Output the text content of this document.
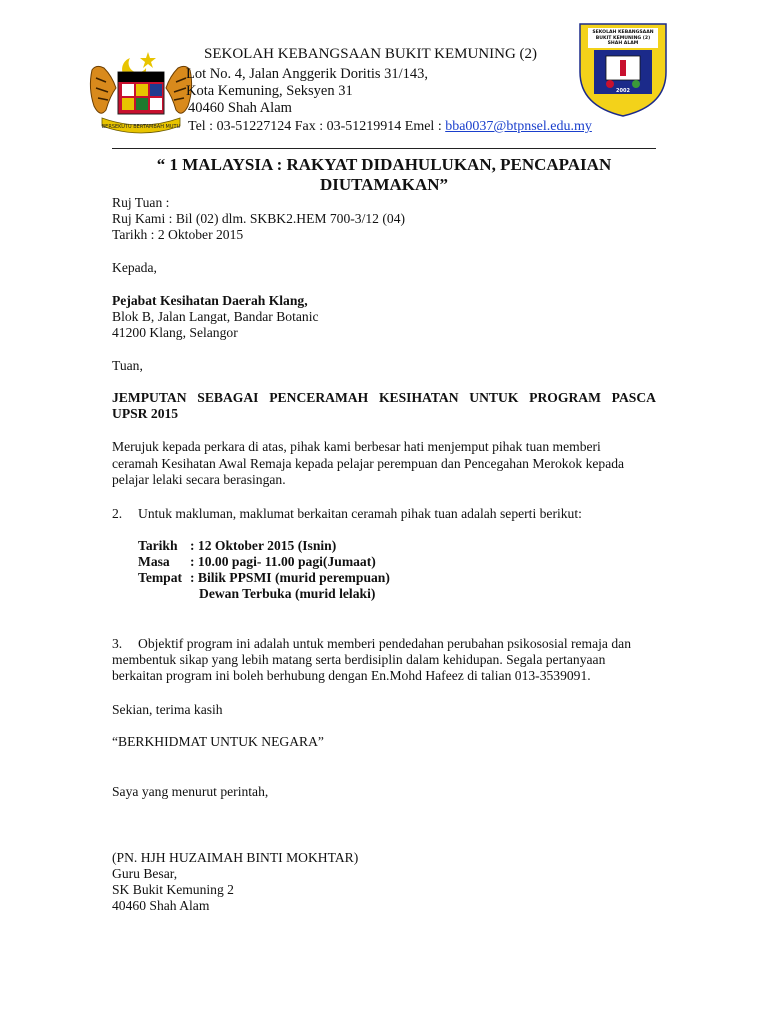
BERSEKUTU BERTAMBAH MUTU
SEKOLAH KEBANGSAAN BUKIT KEMUNING (2) SHAH ALAM
2002
SEKOLAH KEBANGSAAN BUKIT KEMUNING (2)
Lot No. 4, Jalan Anggerik Doritis 31/143,
Kota Kemuning, Seksyen 31
40460 Shah Alam
Tel : 03-51227124 Fax : 03-51219914 Emel : bba0037@btpnsel.edu.my
“ 1 MALAYSIA : RAKYAT DIDAHULUKAN, PENCAPAIAN
DIUTAMAKAN”
Ruj Tuan :
Ruj Kami : Bil (02) dlm. SKBK2.HEM 700-3/12 (04)
Tarikh : 2 Oktober 2015
Kepada,
Pejabat Kesihatan Daerah Klang,
Blok B, Jalan Langat, Bandar Botanic
41200 Klang, Selangor
Tuan,
JEMPUTAN SEBAGAI PENCERAMAH KESIHATAN UNTUK PROGRAM PASCA
UPSR 2015
Merujuk kepada perkara di atas, pihak kami berbesar hati menjemput pihak tuan memberi
ceramah Kesihatan Awal Remaja kepada pelajar perempuan dan Pencegahan Merokok kepada
pelajar lelaki secara berasingan.
2. Untuk makluman, maklumat berkaitan ceramah pihak tuan adalah seperti berikut:
Tarikh : 12 Oktober 2015 (Isnin)
Masa : 10.00 pagi- 11.00 pagi(Jumaat)
Tempat : Bilik PPSMI (murid perempuan)
Dewan Terbuka (murid lelaki)
3. Objektif program ini adalah untuk memberi pendedahan perubahan psikososial remaja dan
membentuk sikap yang lebih matang serta berdisiplin dalam kehidupan. Segala pertanyaan
berkaitan program ini boleh berhubung dengan En.Mohd Hafeez di talian 013-3539091.
Sekian, terima kasih
“BERKHIDMAT UNTUK NEGARA”
Saya yang menurut perintah,
(PN. HJH HUZAIMAH BINTI MOKHTAR)
Guru Besar,
SK Bukit Kemuning 2
40460 Shah Alam
